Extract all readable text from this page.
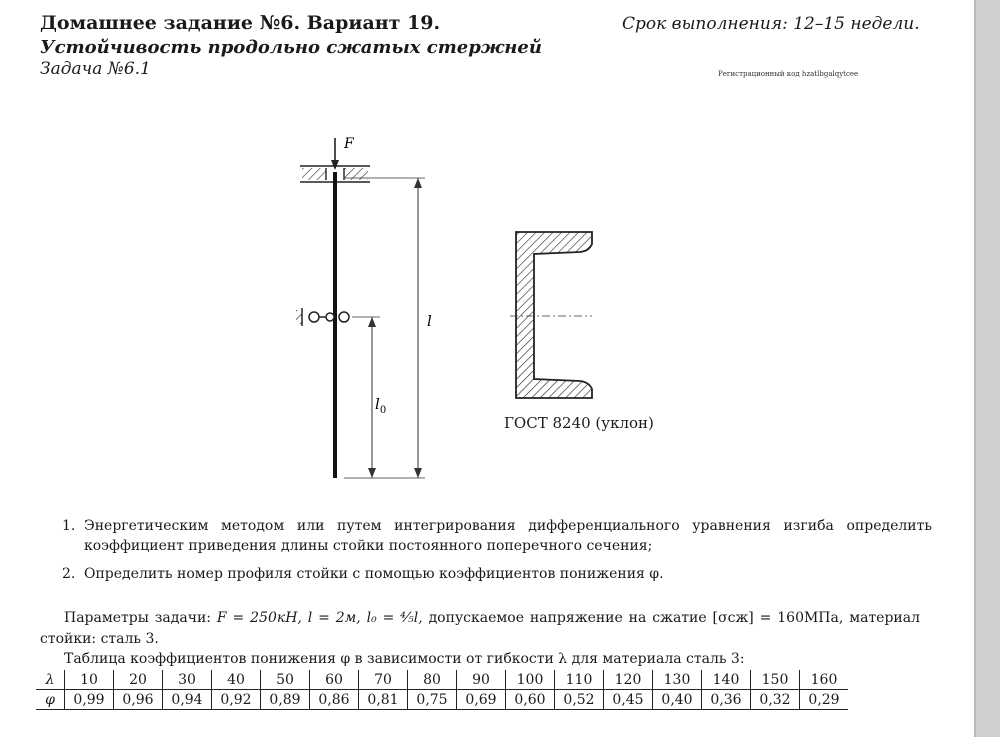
Домашнее задание №6. Вариант 19.
Устойчивость продольно сжатых стержней
Задача №6.1
Срок выполнения: 12–15 недели.
Регистрационный код hzatlbgalqytcee
F
l
$l_0$
ГОСТ 8240 (уклон)
1. Энергетическим методом или путем интегрирования дифференциального уравнения изгиба определить коэффициент приведения длины стойки постоянного поперечного сечения;
2. Определить номер профиля стойки с помощью коэффициентов понижения φ.
Параметры задачи: F = 250кН, l = 2м, l₀ = ⁴⁄₅l, допускаемое напряжение на сжатие [σсж] = 160МПа, материал стойки: сталь 3.
Таблица коэффициентов понижения φ в зависимости от гибкости λ для материала сталь 3:
λ	10	20	30	40	50	60	70	80	90	100	110	120	130	140	150	160
φ	0,99	0,96	0,94	0,92	0,89	0,86	0,81	0,75	0,69	0,60	0,52	0,45	0,40	0,36	0,32	0,29
